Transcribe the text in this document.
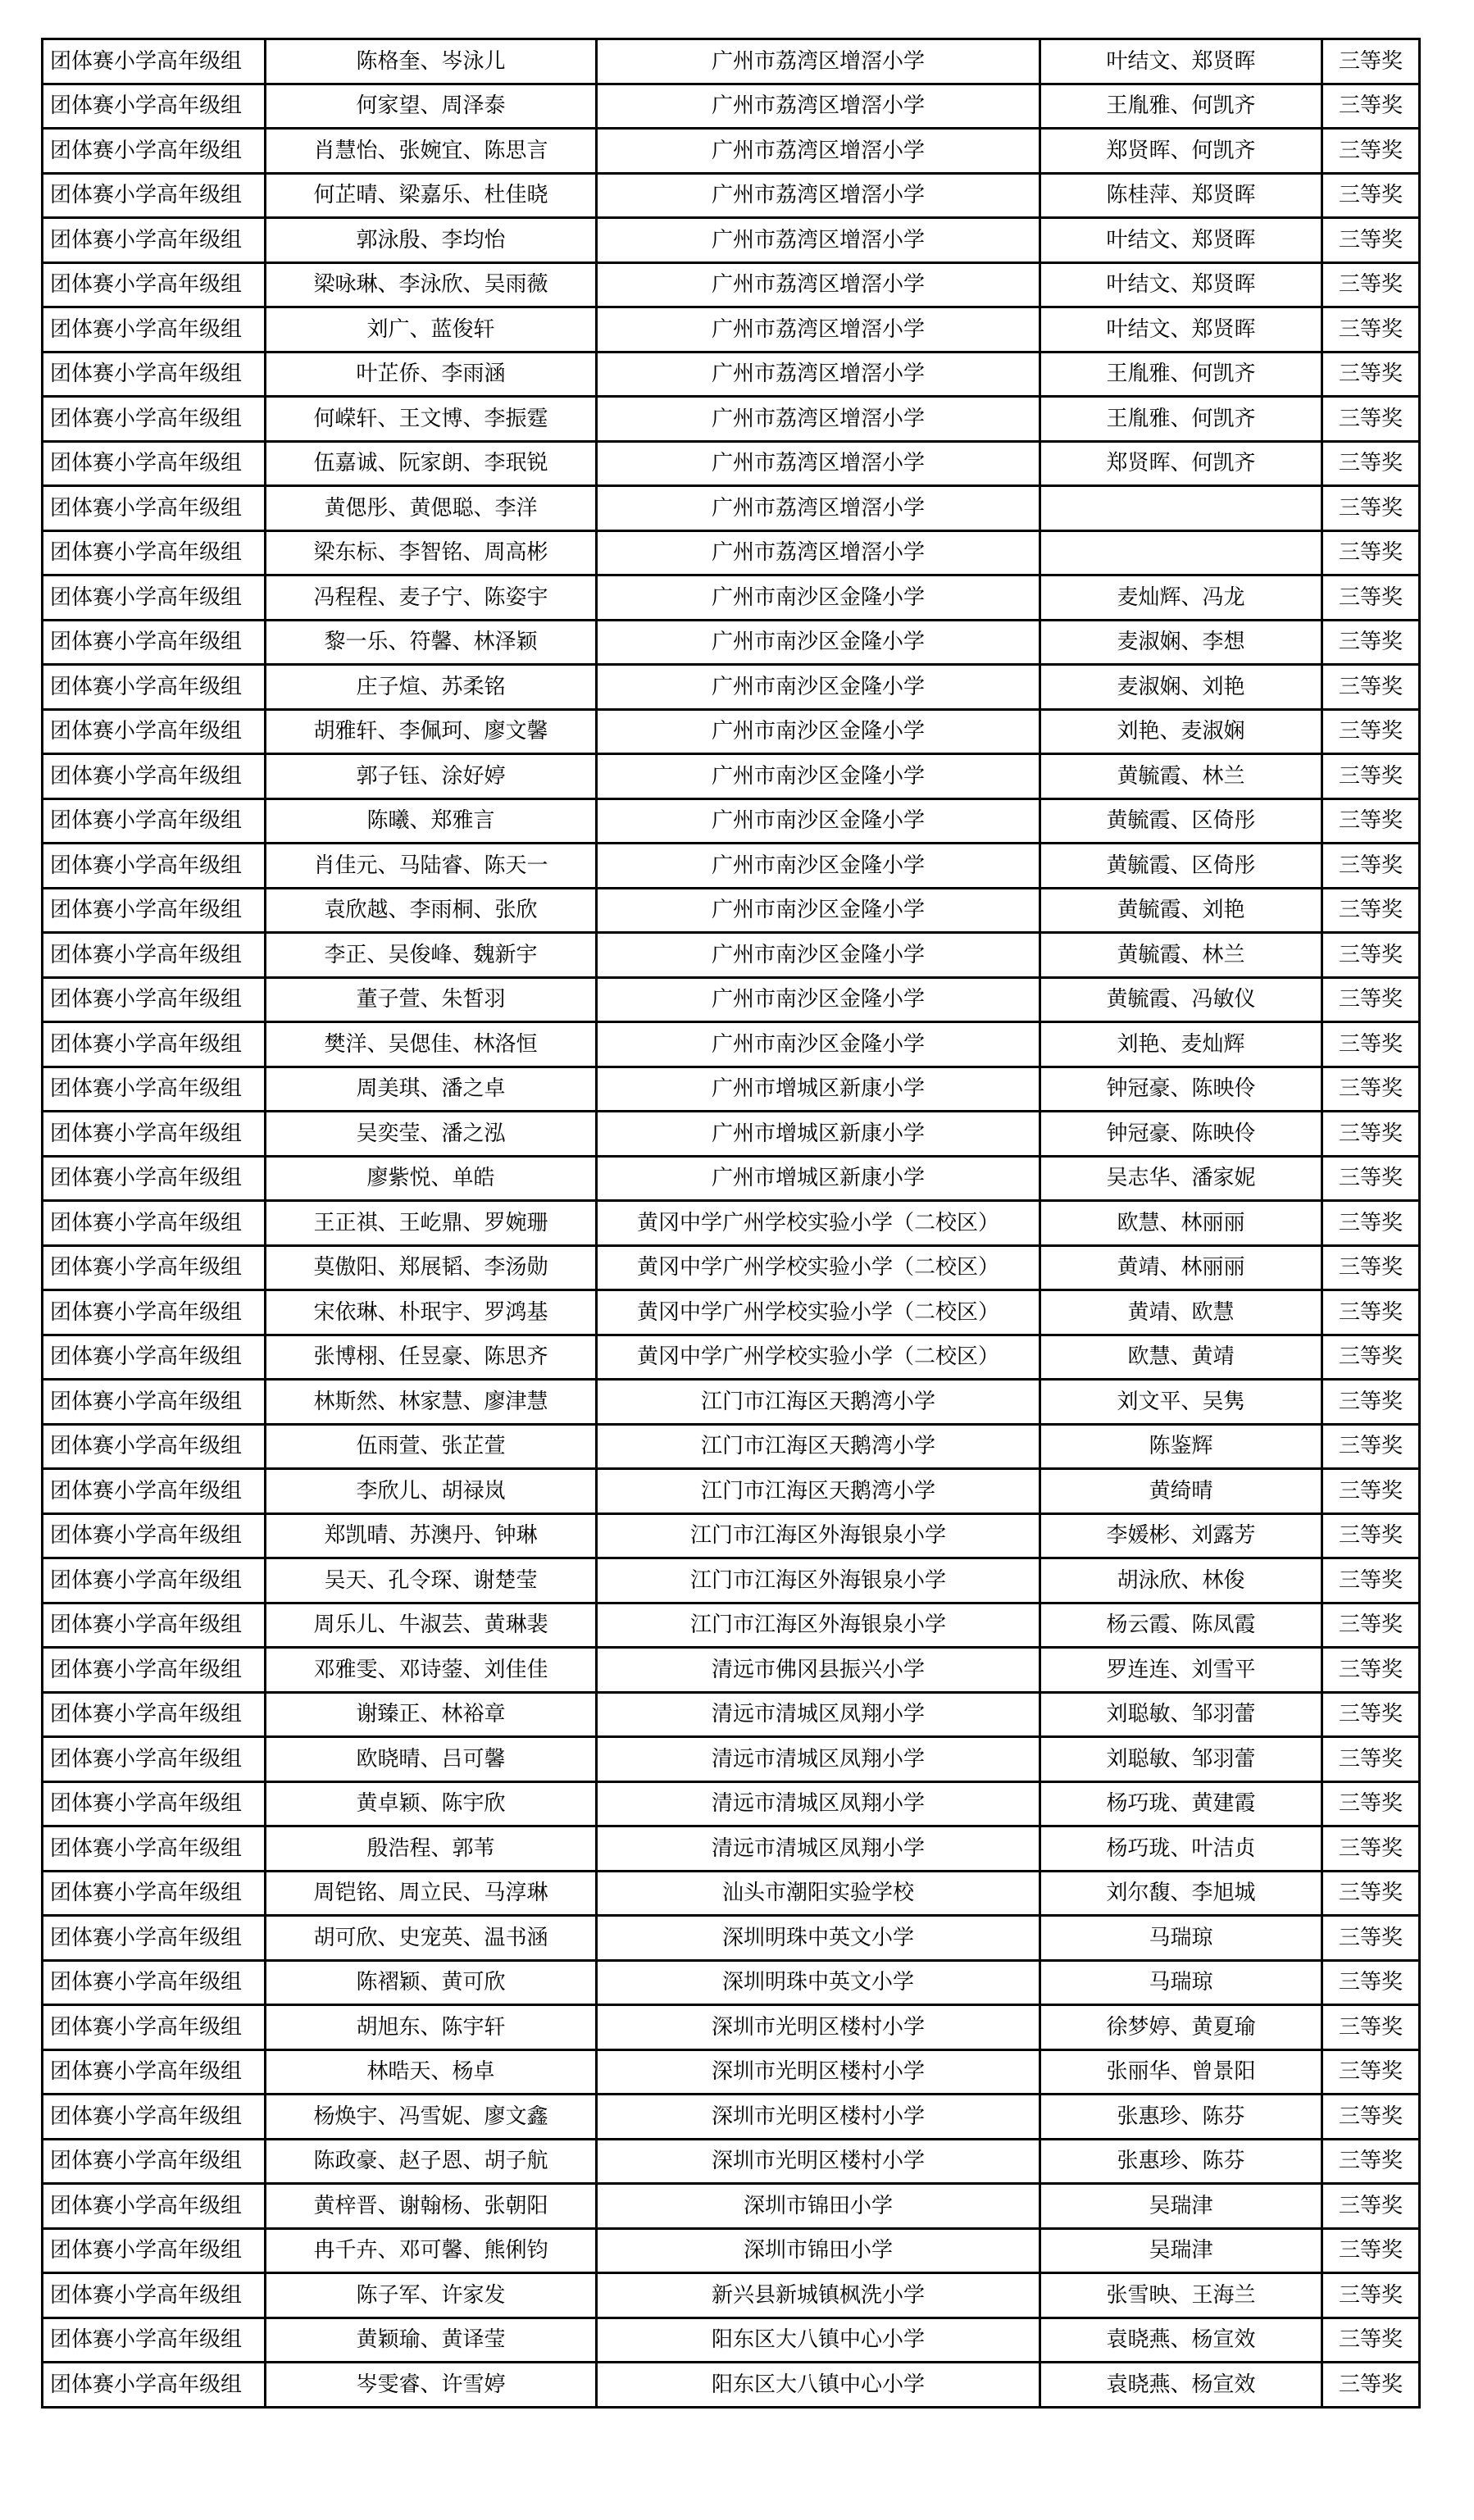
团体赛小学高年级组	陈格奎、岑泳儿	广州市荔湾区增滘小学	叶结文、郑贤晖	三等奖
团体赛小学高年级组	何家望、周泽泰	广州市荔湾区增滘小学	王胤雅、何凯齐	三等奖
团体赛小学高年级组	肖慧怡、张婉宜、陈思言	广州市荔湾区增滘小学	郑贤晖、何凯齐	三等奖
团体赛小学高年级组	何芷晴、梁嘉乐、杜佳晓	广州市荔湾区增滘小学	陈桂萍、郑贤晖	三等奖
团体赛小学高年级组	郭泳殷、李均怡	广州市荔湾区增滘小学	叶结文、郑贤晖	三等奖
团体赛小学高年级组	梁咏琳、李泳欣、吴雨薇	广州市荔湾区增滘小学	叶结文、郑贤晖	三等奖
团体赛小学高年级组	刘广、蓝俊轩	广州市荔湾区增滘小学	叶结文、郑贤晖	三等奖
团体赛小学高年级组	叶芷侨、李雨涵	广州市荔湾区增滘小学	王胤雅、何凯齐	三等奖
团体赛小学高年级组	何嵘轩、王文博、李振霆	广州市荔湾区增滘小学	王胤雅、何凯齐	三等奖
团体赛小学高年级组	伍嘉诚、阮家朗、李珉锐	广州市荔湾区增滘小学	郑贤晖、何凯齐	三等奖
团体赛小学高年级组	黄偲彤、黄偲聪、李洋	广州市荔湾区增滘小学		三等奖
团体赛小学高年级组	梁东标、李智铭、周高彬	广州市荔湾区增滘小学		三等奖
团体赛小学高年级组	冯程程、麦子宁、陈姿宇	广州市南沙区金隆小学	麦灿辉、冯龙	三等奖
团体赛小学高年级组	黎一乐、符馨、林泽颖	广州市南沙区金隆小学	麦淑娴、李想	三等奖
团体赛小学高年级组	庄子煊、苏柔铭	广州市南沙区金隆小学	麦淑娴、刘艳	三等奖
团体赛小学高年级组	胡雅轩、李佩珂、廖文馨	广州市南沙区金隆小学	刘艳、麦淑娴	三等奖
团体赛小学高年级组	郭子钰、涂好婷	广州市南沙区金隆小学	黄毓霞、林兰	三等奖
团体赛小学高年级组	陈曦、郑雅言	广州市南沙区金隆小学	黄毓霞、区倚彤	三等奖
团体赛小学高年级组	肖佳元、马陆睿、陈天一	广州市南沙区金隆小学	黄毓霞、区倚彤	三等奖
团体赛小学高年级组	袁欣越、李雨桐、张欣	广州市南沙区金隆小学	黄毓霞、刘艳	三等奖
团体赛小学高年级组	李正、吴俊峰、魏新宇	广州市南沙区金隆小学	黄毓霞、林兰	三等奖
团体赛小学高年级组	董子萱、朱皙羽	广州市南沙区金隆小学	黄毓霞、冯敏仪	三等奖
团体赛小学高年级组	樊洋、吴偲佳、林洛恒	广州市南沙区金隆小学	刘艳、麦灿辉	三等奖
团体赛小学高年级组	周美琪、潘之卓	广州市增城区新康小学	钟冠豪、陈映伶	三等奖
团体赛小学高年级组	吴奕莹、潘之泓	广州市增城区新康小学	钟冠豪、陈映伶	三等奖
团体赛小学高年级组	廖紫悦、单皓	广州市增城区新康小学	吴志华、潘家妮	三等奖
团体赛小学高年级组	王正祺、王屹鼎、罗婉珊	黄冈中学广州学校实验小学（二校区）	欧慧、林丽丽	三等奖
团体赛小学高年级组	莫傲阳、郑展韬、李汤勋	黄冈中学广州学校实验小学（二校区）	黄靖、林丽丽	三等奖
团体赛小学高年级组	宋依琳、朴珉宇、罗鸿基	黄冈中学广州学校实验小学（二校区）	黄靖、欧慧	三等奖
团体赛小学高年级组	张博栩、任昱豪、陈思齐	黄冈中学广州学校实验小学（二校区）	欧慧、黄靖	三等奖
团体赛小学高年级组	林斯然、林家慧、廖津慧	江门市江海区天鹅湾小学	刘文平、吴隽	三等奖
团体赛小学高年级组	伍雨萱、张芷萱	江门市江海区天鹅湾小学	陈鉴辉	三等奖
团体赛小学高年级组	李欣儿、胡禄岚	江门市江海区天鹅湾小学	黄绮晴	三等奖
团体赛小学高年级组	郑凯晴、苏澳丹、钟琳	江门市江海区外海银泉小学	李媛彬、刘露芳	三等奖
团体赛小学高年级组	吴天、孔令琛、谢楚莹	江门市江海区外海银泉小学	胡泳欣、林俊	三等奖
团体赛小学高年级组	周乐儿、牛淑芸、黄琳裴	江门市江海区外海银泉小学	杨云霞、陈凤霞	三等奖
团体赛小学高年级组	邓雅雯、邓诗蓥、刘佳佳	清远市佛冈县振兴小学	罗连连、刘雪平	三等奖
团体赛小学高年级组	谢臻正、林裕章	清远市清城区凤翔小学	刘聪敏、邹羽蕾	三等奖
团体赛小学高年级组	欧晓晴、吕可馨	清远市清城区凤翔小学	刘聪敏、邹羽蕾	三等奖
团体赛小学高年级组	黄卓颖、陈宇欣	清远市清城区凤翔小学	杨巧珑、黄建霞	三等奖
团体赛小学高年级组	殷浩程、郭苇	清远市清城区凤翔小学	杨巧珑、叶洁贞	三等奖
团体赛小学高年级组	周铠铭、周立民、马淳琳	汕头市潮阳实验学校	刘尔馥、李旭城	三等奖
团体赛小学高年级组	胡可欣、史宠英、温书涵	深圳明珠中英文小学	马瑞琼	三等奖
团体赛小学高年级组	陈褶颖、黄可欣	深圳明珠中英文小学	马瑞琼	三等奖
团体赛小学高年级组	胡旭东、陈宇轩	深圳市光明区楼村小学	徐梦婷、黄夏瑜	三等奖
团体赛小学高年级组	林晧天、杨卓	深圳市光明区楼村小学	张丽华、曾景阳	三等奖
团体赛小学高年级组	杨焕宇、冯雪妮、廖文鑫	深圳市光明区楼村小学	张惠珍、陈芬	三等奖
团体赛小学高年级组	陈政豪、赵子恩、胡子航	深圳市光明区楼村小学	张惠珍、陈芬	三等奖
团体赛小学高年级组	黄梓晋、谢翰杨、张朝阳	深圳市锦田小学	吴瑞津	三等奖
团体赛小学高年级组	冉千卉、邓可馨、熊俐钧	深圳市锦田小学	吴瑞津	三等奖
团体赛小学高年级组	陈子军、许家发	新兴县新城镇枫洗小学	张雪映、王海兰	三等奖
团体赛小学高年级组	黄颖瑜、黄译莹	阳东区大八镇中心小学	袁晓燕、杨宣效	三等奖
团体赛小学高年级组	岑雯睿、许雪婷	阳东区大八镇中心小学	袁晓燕、杨宣效	三等奖
